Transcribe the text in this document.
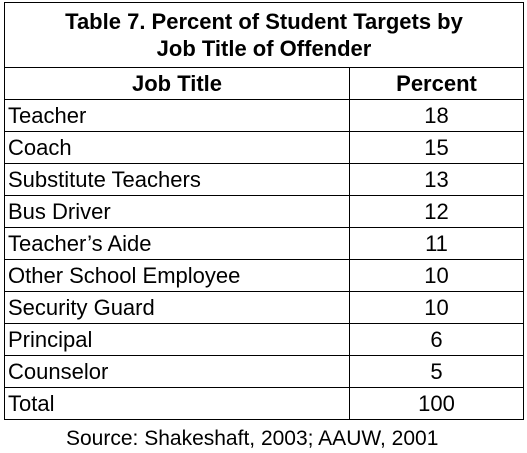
Table 7. Percent of Student Targets by
Job Title of Offender	

Job Title	Percent
Teacher	18
Coach	15
Substitute Teachers	13
Bus Driver	12
Teacher’s Aide	11
Other School Employee	10
Security Guard	10
Principal	6
Counselor	5
Total	100
Source: Shakeshaft, 2003; AAUW, 2001
